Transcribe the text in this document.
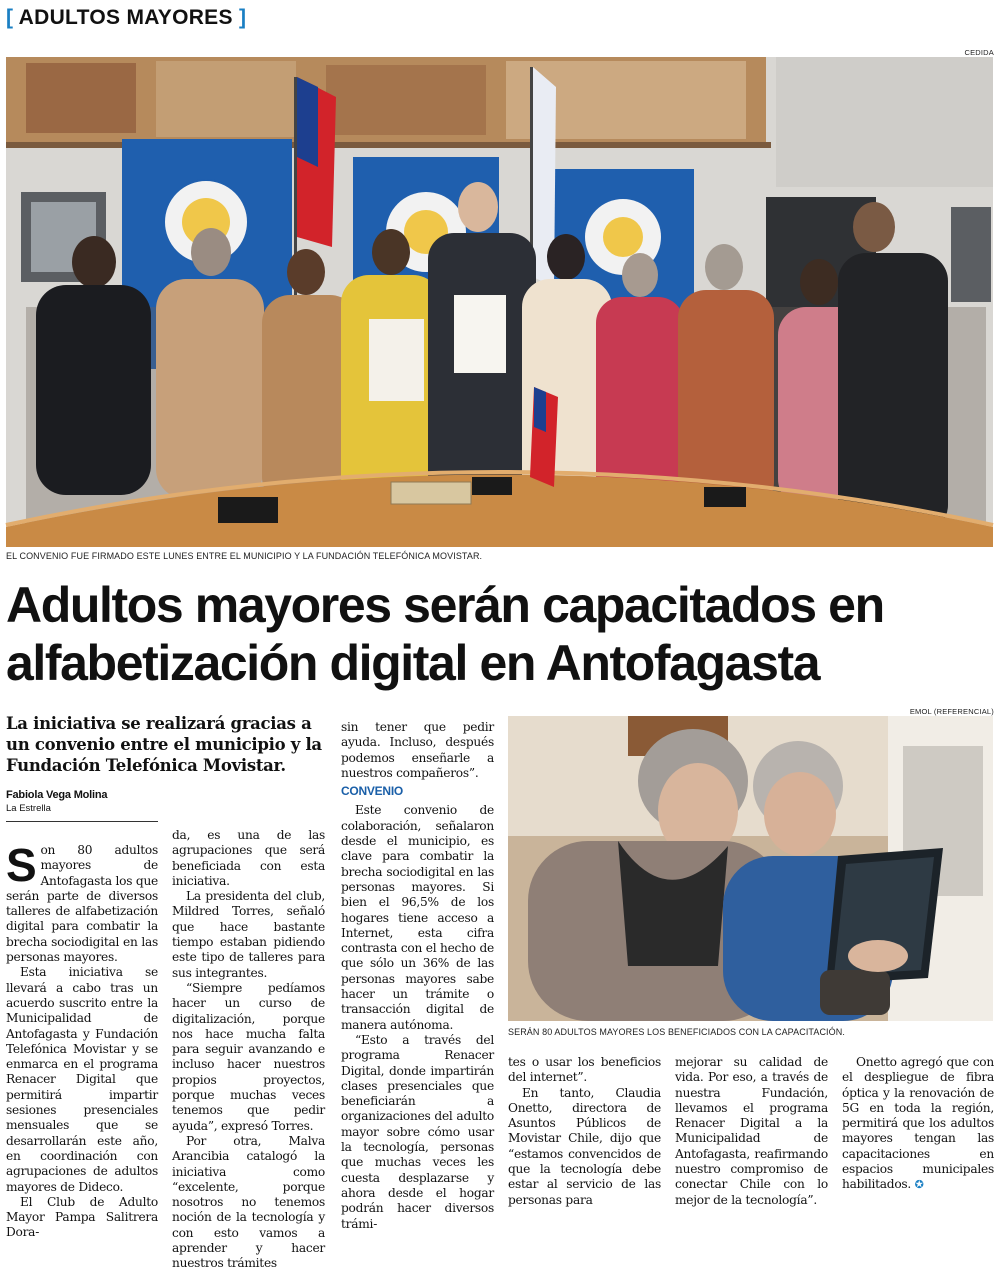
[ ADULTOS MAYORES ]
CEDIDA
EL CONVENIO FUE FIRMADO ESTE LUNES ENTRE EL MUNICIPIO Y LA FUNDACIÓN TELEFÓNICA MOVISTAR.
Adultos mayores serán capacitados en
alfabetización digital en Antofagasta
La iniciativa se realizará gracias a un convenio entre el municipio y la Fundación Telefónica Movistar.
Fabiola Vega Molina
La Estrella

Son 80 adultos mayores de Antofagasta los que serán parte de diversos talleres de alfabetización digital para combatir la brecha sociodigital en las personas mayores.

Esta iniciativa se llevará a cabo tras un acuerdo suscrito entre la Municipalidad de Antofagasta y Fundación Telefónica Movistar y se enmarca en el programa Renacer Digital que permitirá impartir sesiones presenciales mensuales que se desarrollarán este año, en coordinación con agrupaciones de adultos mayores de Dideco.

El Club de Adulto Mayor Pampa Salitrera Dora-

da, es una de las agrupaciones que será beneficiada con esta iniciativa.

La presidenta del club, Mildred Torres, señaló que hace bastante tiempo estaban pidiendo este tipo de talleres para sus integrantes.

“Siempre pedíamos hacer un curso de digitalización, porque nos hace mucha falta para seguir avanzando e incluso hacer nuestros propios proyectos, porque muchas veces tenemos que pedir ayuda”, expresó Torres.

Por otra, Malva Arancibia catalogó la iniciativa como “excelente, porque nosotros no tenemos noción de la tecnología y con esto vamos a aprender y hacer nuestros trámites

sin tener que pedir ayuda. Incluso, después podemos enseñarle a nuestros compañeros”.

CONVENIO

Este convenio de colaboración, señalaron desde el municipio, es clave para combatir la brecha sociodigital en las personas mayores. Si bien el 96,5% de los hogares tiene acceso a Internet, esta cifra contrasta con el hecho de que sólo un 36% de las personas mayores sabe hacer un trámite o transacción digital de manera autónoma.

“Esto a través del programa Renacer Digital, donde impartirán clases presenciales que beneficiarán a organizaciones del adulto mayor sobre cómo usar la tecnología, personas que muchas veces les cuesta desplazarse y ahora desde el hogar podrán hacer diversos trámi-

EMOL (REFERENCIAL)
SERÁN 80 ADULTOS MAYORES LOS BENEFICIADOS CON LA CAPACITACIÓN.

tes o usar los beneficios del internet”.

En tanto, Claudia Onetto, directora de Asuntos Públicos de Movistar Chile, dijo que “estamos convencidos de que la tecnología debe estar al servicio de las personas para

mejorar su calidad de vida. Por eso, a través de nuestra Fundación, llevamos el programa Renacer Digital a la Municipalidad de Antofagasta, reafirmando nuestro compromiso de conectar Chile con lo mejor de la tecnología”.

Onetto agregó que con el despliegue de fibra óptica y la renovación de 5G en toda la región, permitirá que los adultos mayores tengan las capacitaciones en espacios municipales habilitados. ✪
